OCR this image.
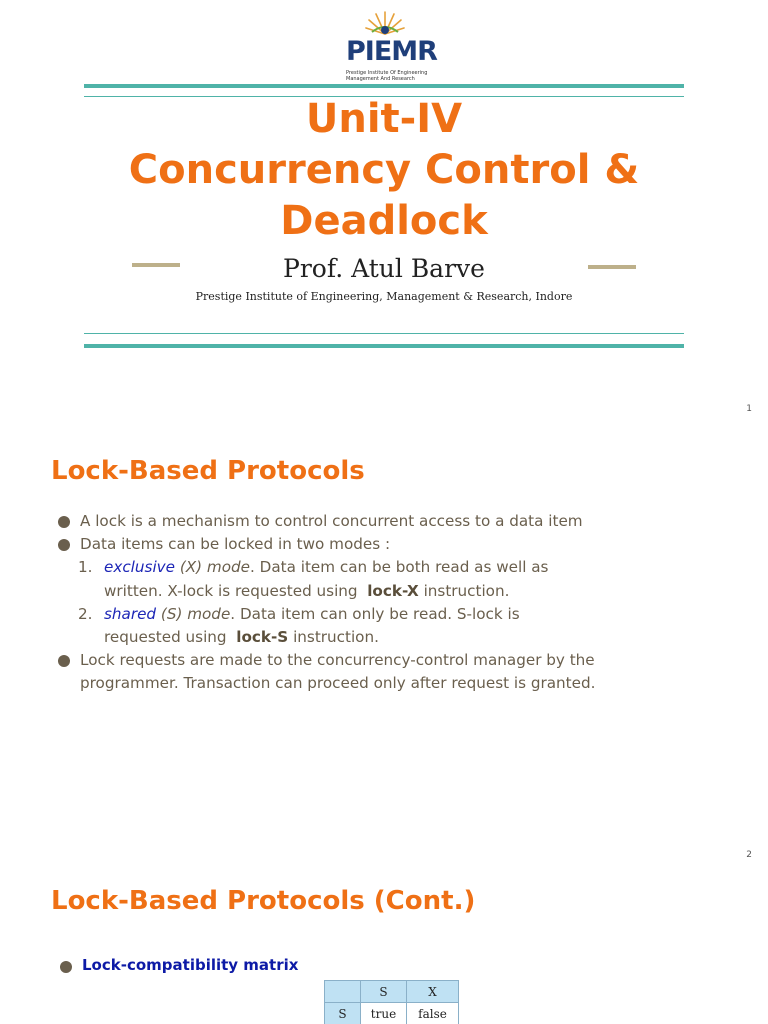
PIEMR
Prestige Institute Of Engineering Management And Research
Unit-IV
Concurrency Control &
Deadlock
Prof. Atul Barve
Prestige Institute of Engineering, Management & Research, Indore
1
Lock-Based Protocols
A lock is a mechanism to control concurrent access to a data item
Data items can be locked in two modes :
1. exclusive (X) mode. Data item can be both read as well as
written. X-lock is requested using lock-X instruction.
2. shared (S) mode. Data item can only be read. S-lock is
requested using lock-S instruction.
Lock requests are made to the concurrency-control manager by the
programmer. Transaction can proceed only after request is granted.
2
Lock-Based Protocols (Cont.)
Lock-compatibility matrix
	S	X
S	true	false
